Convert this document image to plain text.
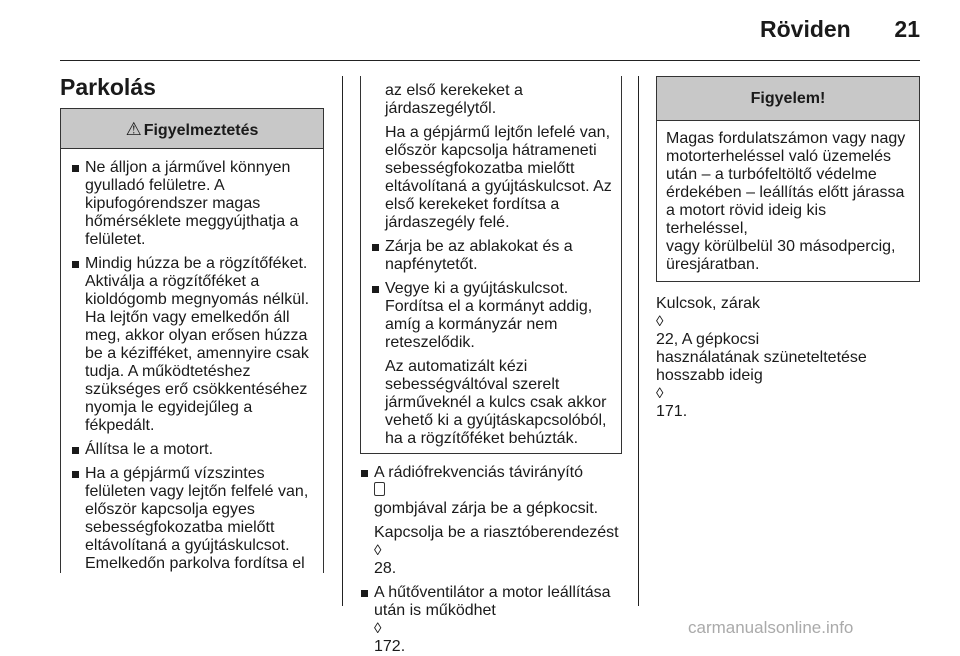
Röviden	21
Parkolás
⚠ Figyelmeztetés
Ne álljon a járművel könnyen
gyulladó felületre. A
kipufogórendszer magas
hőmérséklete meggyújthatja a
felületet.
Mindig húzza be a rögzítőféket.
Aktiválja a rögzítőféket a
kioldógomb megnyomás nélkül.
Ha lejtőn vagy emelkedőn áll
meg, akkor olyan erősen húzza
be a kézifféket, amennyire csak
tudja. A működtetéshez
szükséges erő csökkentéséhez
nyomja le egyidejűleg a
fékpedált.
Állítsa le a motort.
Ha a gépjármű vízszintes
felületen vagy lejtőn felfelé van,
először kapcsolja egyes
sebességfokozatba mielőtt
eltávolítaná a gyújtáskulcsot.
Emelkedőn parkolva fordítsa el
az első kerekeket a
járdaszegélytől.
Ha a gépjármű lejtőn lefelé van,
először kapcsolja hátrameneti
sebességfokozatba mielőtt
eltávolítaná a gyújtáskulcsot. Az
első kerekeket fordítsa a
járdaszegély felé.
Zárja be az ablakokat és a
napfénytetőt.
Vegye ki a gyújtáskulcsot.
Fordítsa el a kormányt addig,
amíg a kormányzár nem
reteszelődik.
Az automatizált kézi
sebességváltóval szerelt
járműveknél a kulcs csak akkor
vehető ki a gyújtáskapcsolóból,
ha a rögzítőféket behúzták.
A rádiófrekvenciás távirányító
gombjával zárja be a gépkocsit.
Kapcsolja be a riasztóberendezést
◊
28.
A hűtőventilátor a motor leállítása
után is működhet
◊
172.
Figyelem!
Magas fordulatszámon vagy nagy
motorterheléssel való üzemelés
után – a turbófeltöltő védelme
érdekében – leállítás előtt járassa
a motort rövid ideig kis terheléssel,
vagy körülbelül 30 másodpercig,
üresjáratban.
Kulcsok, zárak
◊
22, A gépkocsi
használatának szüneteltetése
hosszabb ideig
◊
171.
carmanualsonline.info
